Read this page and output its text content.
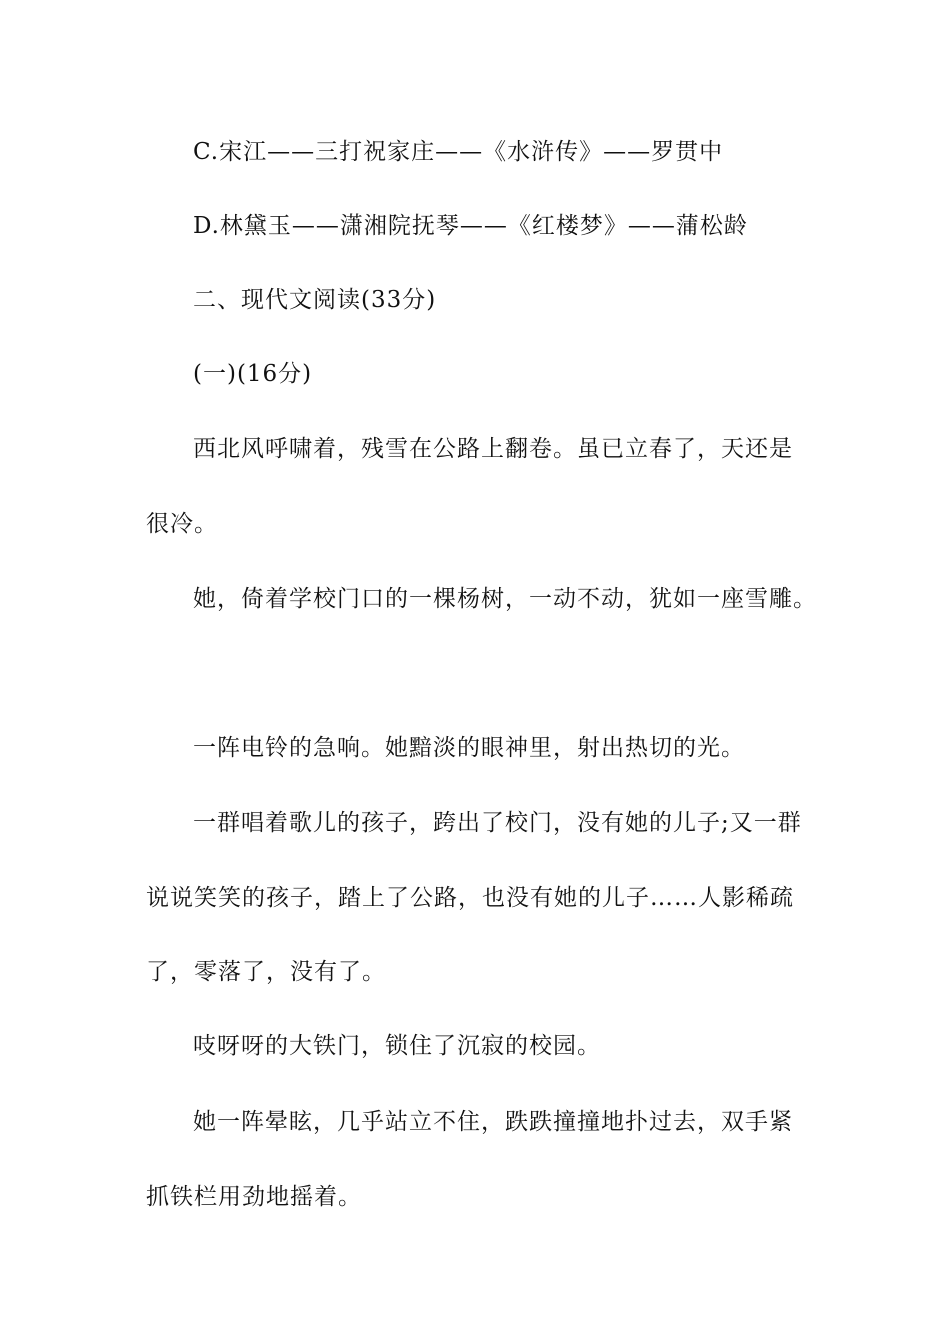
C.宋江——三打祝家庄——《水浒传》——罗贯中
D.林黛玉——潇湘院抚琴——《红楼梦》——蒲松龄
二、现代文阅读(33分)
(一)(16分)
西北风呼啸着，残雪在公路上翻卷。虽已立春了，天还是
很冷。
她，倚着学校门口的一棵杨树，一动不动，犹如一座雪雕。
一阵电铃的急响。她黯淡的眼神里，射出热切的光。
一群唱着歌儿的孩子，跨出了校门，没有她的儿子;又一群
说说笑笑的孩子，踏上了公路，也没有她的儿子……人影稀疏
了，零落了，没有了。
吱呀呀的大铁门，锁住了沉寂的校园。
她一阵晕眩，几乎站立不住，跌跌撞撞地扑过去，双手紧
抓铁栏用劲地摇着。
